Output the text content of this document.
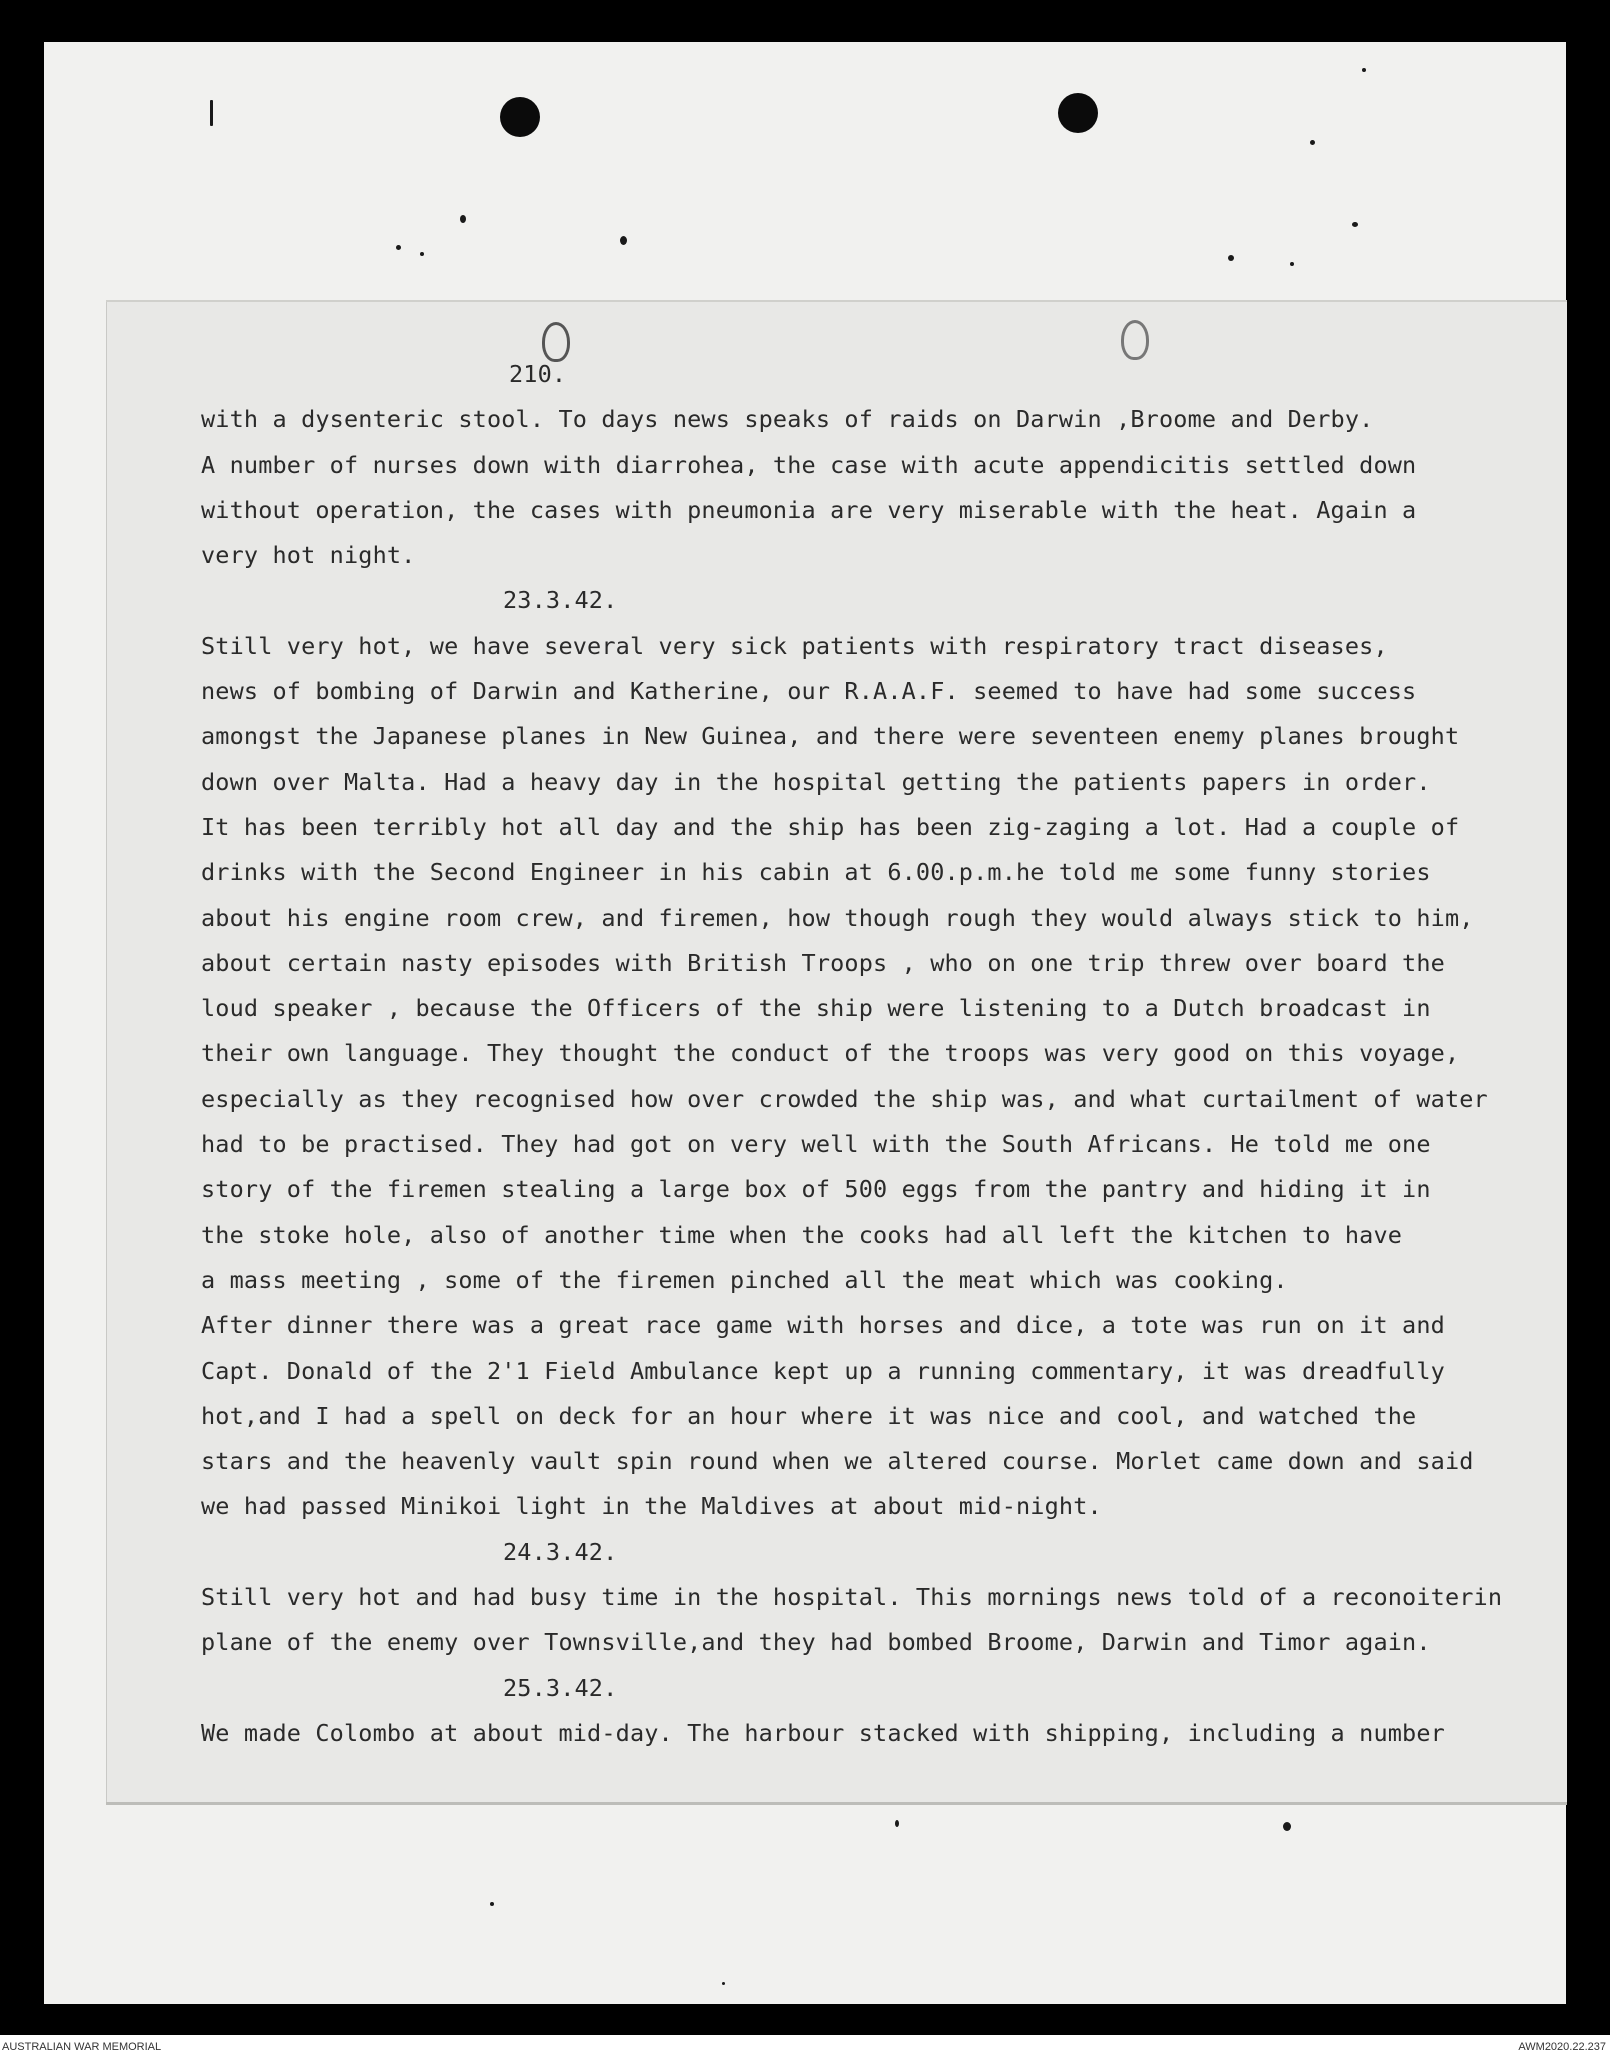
210.
with a dysenteric stool. To days news speaks of raids on Darwin ,Broome and Derby.
A number of nurses down with diarrohea, the case with acute appendicitis settled down
without operation, the cases with pneumonia are very miserable with the heat. Again a
very hot night.
23.3.42.
Still very hot, we have several very sick patients with respiratory tract diseases,
news of bombing of Darwin and Katherine, our R.A.A.F. seemed to have had some success
amongst the Japanese planes in New Guinea, and there were seventeen enemy planes brought
down over Malta. Had a heavy day in the hospital getting the patients papers in order.
It has been terribly hot all day and the ship has been zig-zaging a lot. Had a couple of
drinks with the Second Engineer in his cabin at 6.00.p.m.he told me some funny stories
about his engine room crew, and firemen, how though rough they would always stick to him,
about certain nasty episodes with British Troops , who on one trip threw over board the
loud speaker , because the Officers of the ship were listening to a Dutch broadcast in
their own language. They thought the conduct of the troops was very good on this voyage,
especially as they recognised how over crowded the ship was, and what curtailment of water
had to be practised. They had got on very well with the South Africans. He told me one
story of the firemen stealing a large box of 500 eggs from the pantry and hiding it in
the stoke hole, also of another time when the cooks had all left the kitchen to have
a mass meeting , some of the firemen pinched all the meat which was cooking.
After dinner there was a great race game with horses and dice, a tote was run on it and
Capt. Donald of the 2'1 Field Ambulance kept up a running commentary, it was dreadfully
hot,and I had a spell on deck for an hour where it was nice and cool, and watched the
stars and the heavenly vault spin round when we altered course. Morlet came down and said
we had passed Minikoi light in the Maldives at about mid-night.
24.3.42.
Still very hot and had busy time in the hospital. This mornings news told of a reconoiterin
plane of the enemy over Townsville,and they had bombed Broome, Darwin and Timor again.
25.3.42.
We made Colombo at about mid-day. The harbour stacked with shipping, including a number
AUSTRALIAN WAR MEMORIAL	AWM2020.22.237
